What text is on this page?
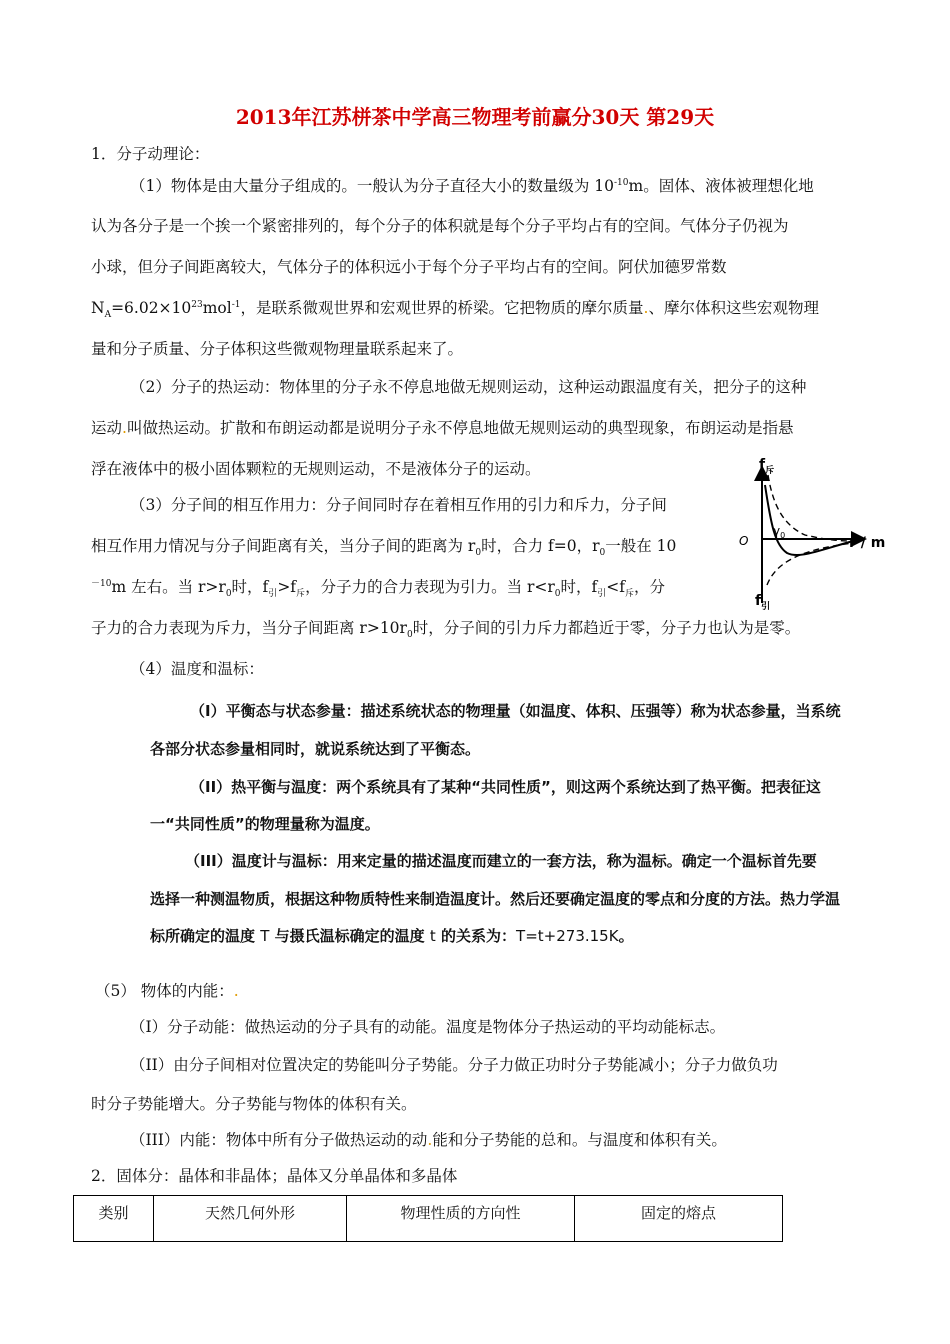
2013年江苏栟茶中学高三物理考前赢分30天 第29天
1．分子动理论：
（1）物体是由大量分子组成的。一般认为分子直径大小的数量级为 $10^{-10}m$。固体、液体被理想化地
认为各分子是一个挨一个紧密排列的，每个分子的体积就是每个分子平均占有的空间。气体分子仍视为
小球，但分子间距离较大，气体分子的体积远小于每个分子平均占有的空间。阿伏加德罗常数
$N_A=6.02\times 10^{23}mol^{-1}$，是联系微观世界和宏观世界的桥梁。它把物质的摩尔质量.、摩尔体积这些宏观物理
量和分子质量、分子体积这些微观物理量联系起来了。
（2）分子的热运动：物体里的分子永不停息地做无规则运动，这种运动跟温度有关，把分子的这种
运动.叫做热运动。扩散和布朗运动都是说明分子永不停息地做无规则运动的典型现象，布朗运动是指悬
浮在液体中的极小固体颗粒的无规则运动，不是液体分子的运动。
（3）分子间的相互作用力：分子间同时存在着相互作用的引力和斥力，分子间
相互作用力情况与分子间距离有关，当分子间的距离为 $r_0$时，合力 f=0，$r_0$一般在 10
$^{-10}$m 左右。当 $r>r_0$时，$f_引>f_斥$，分子力的合力表现为引力。当 $r<r_0$时，$f_引<f_斥$，分
子力的合力表现为斥力，当分子间距离 $r>10r_0$时，分子间的引力斥力都趋近于零，分子力也认为是零。
$f_斥$
$f_引$
O
$\gamma_0$	r / m
（4）温度和温标：
（Ⅰ）平衡态与状态参量：描述系统状态的物理量（如温度、体积、压强等）称为状态参量，当系统
各部分状态参量相同时，就说系统达到了平衡态。
（ⅠⅠ）热平衡与温度：两个系统具有了某种“共同性质”，则这两个系统达到了热平衡。把表征这
一“共同性质”的物理量称为温度。
（ⅠⅠⅠ）温度计与温标：用来定量的描述温度而建立的一套方法，称为温标。确定一个温标首先要
选择一种测温物质，根据这种物质特性来制造温度计。然后还要确定温度的零点和分度的方法。热力学温
标所确定的温度 T 与摄氏温标确定的温度 t 的关系为：T=t+273.15K。
（5） 物体的内能：.
（Ⅰ）分子动能：做热运动的分子具有的动能。温度是物体分子热运动的平均动能标志。
（ⅠⅠ）由分子间相对位置决定的势能叫分子势能。分子力做正功时分子势能减小；分子力做负功
时分子势能增大。分子势能与物体的体积有关。
（ⅠⅠⅠ）内能：物体中所有分子做热运动的动.能和分子势能的总和。与温度和体积有关。
2．固体分：晶体和非晶体；晶体又分单晶体和多晶体
类别	天然几何外形	物理性质的方向性	固定的熔点
